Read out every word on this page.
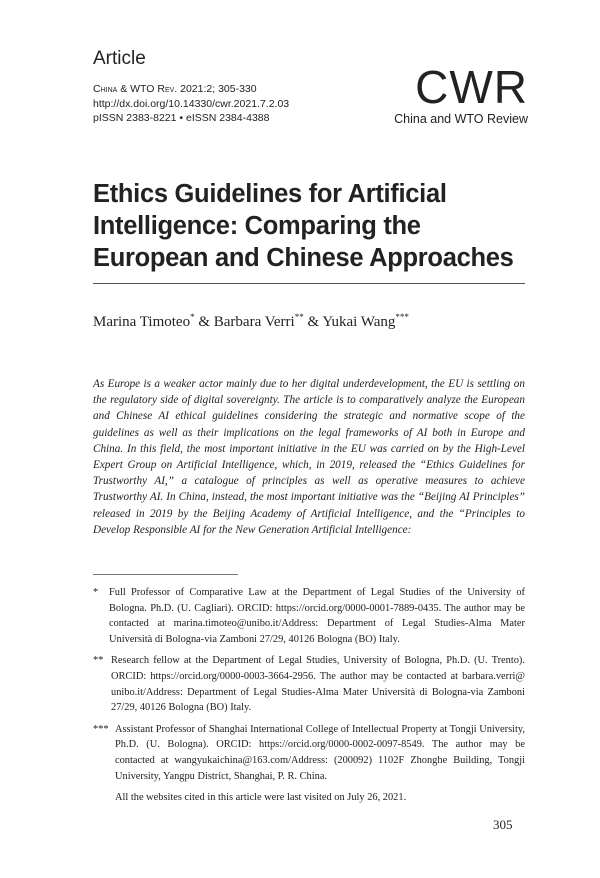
Article
China & WTO Rev. 2021:2; 305-330
http://dx.doi.org/10.14330/cwr.2021.7.2.03
pISSN 2383-8221 • eISSN 2384-4388
CWR
China and WTO Review
Ethics Guidelines for Artificial Intelligence: Comparing the European and Chinese Approaches
Marina Timoteo* & Barbara Verri** & Yukai Wang***

As Europe is a weaker actor mainly due to her digital underdevelopment, the EU is settling on the regulatory side of digital sovereignty. The article is to comparatively analyze the European and Chinese AI ethical guidelines considering the strategic and normative scope of the guidelines as well as their implications on the legal frameworks of AI both in Europe and China. In this field, the most important initiative in the EU was carried on by the High-Level Expert Group on Artificial Intelligence, which, in 2019, released the “Ethics Guidelines for Trustworthy AI,” a catalogue of principles as well as operative measures to achieve Trustworthy AI. In China, instead, the most important initiative was the “Beijing AI Principles” released in 2019 by the Beijing Academy of Artificial Intelligence, and the “Principles to Develop Responsible AI for the New Generation Artificial Intelligence:

*	Full Professor of Comparative Law at the Department of Legal Studies of the University of Bologna. Ph.D. (U. Cagliari). ORCID: https://orcid.org/0000-0001-7889-0435. The author may be contacted at marina.timoteo@unibo.it/Address: Department of Legal Studies-Alma Mater Università di Bologna-via Zamboni 27/29, 40126 Bologna (BO) Italy.
** Research fellow at the Department of Legal Studies, University of Bologna, Ph.D. (U. Trento). ORCID: https://orcid.org/0000-0003-3664-2956. The author may be contacted at barbara.verri@ unibo.it/Address: Department of Legal Studies-Alma Mater Università di Bologna-via Zamboni 27/29, 40126 Bologna (BO) Italy.
*** Assistant Professor of Shanghai International College of Intellectual Property at Tongji University, Ph.D. (U. Bologna). ORCID: https://orcid.org/0000-0002-0097-8549. The author may be contacted at wangyukaichina@163.com/Address: (200092) 1102F Zhonghe Building, Tongji University, Yangpu District, Shanghai, P. R. China.
All the websites cited in this article were last visited on July 26, 2021.
305
